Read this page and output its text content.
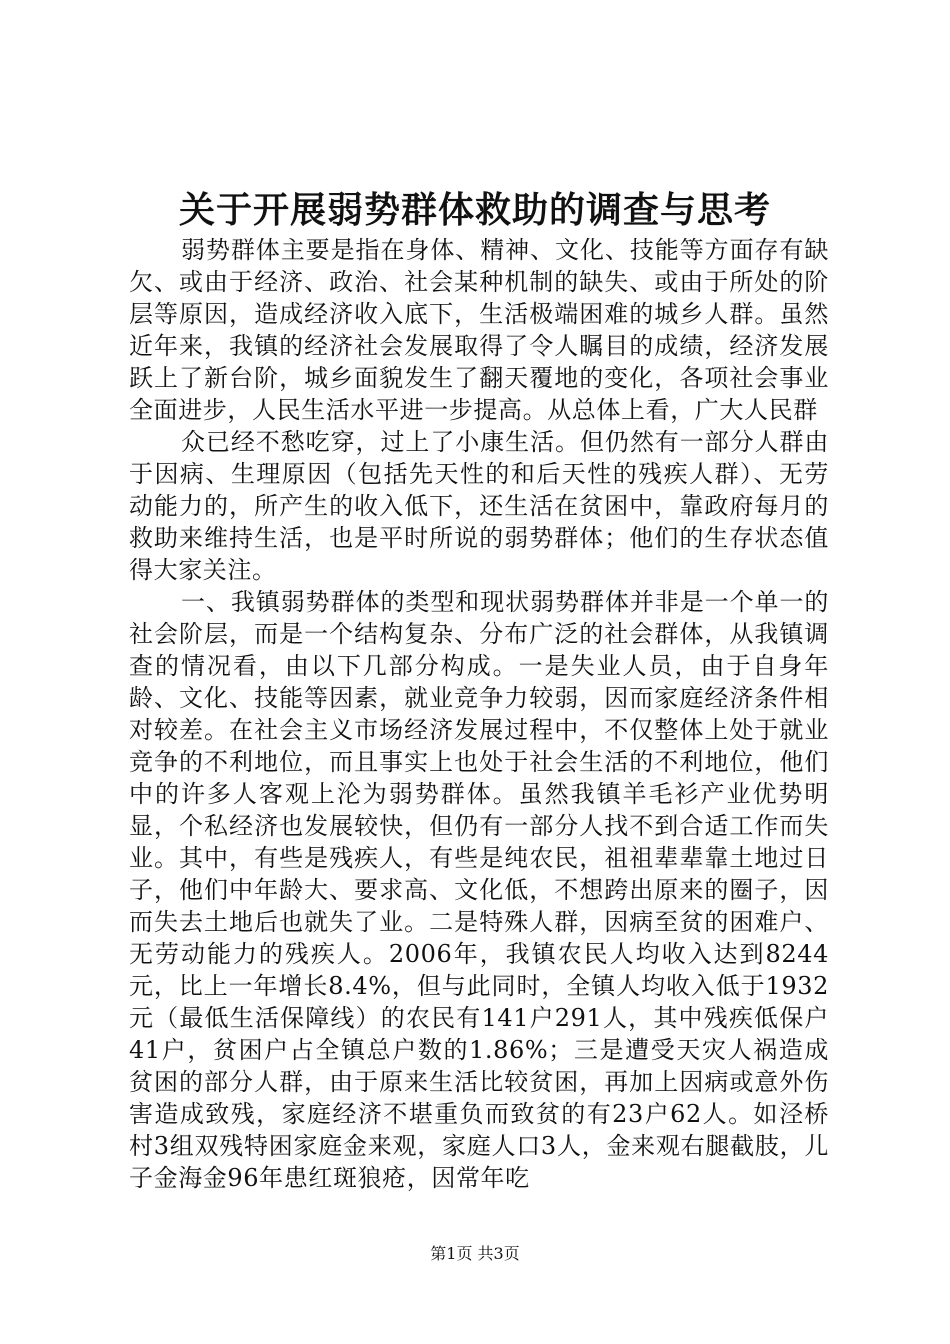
关于开展弱势群体救助的调查与思考

弱势群体主要是指在身体、精神、文化、技能等方面存有缺欠、或由于经济、政治、社会某种机制的缺失、或由于所处的阶层等原因，造成经济收入底下，生活极端困难的城乡人群。虽然近年来，我镇的经济社会发展取得了令人瞩目的成绩，经济发展跃上了新台阶，城乡面貌发生了翻天覆地的变化，各项社会事业全面进步，人民生活水平进一步提高。从总体上看，广大人民群

众已经不愁吃穿，过上了小康生活。但仍然有一部分人群由于因病、生理原因（包括先天性的和后天性的残疾人群）、无劳动能力的，所产生的收入低下，还生活在贫困中，靠政府每月的救助来维持生活，也是平时所说的弱势群体；他们的生存状态值得大家关注。

一、我镇弱势群体的类型和现状弱势群体并非是一个单一的社会阶层，而是一个结构复杂、分布广泛的社会群体，从我镇调查的情况看，由以下几部分构成。一是失业人员，由于自身年龄、文化、技能等因素，就业竞争力较弱，因而家庭经济条件相对较差。在社会主义市场经济发展过程中，不仅整体上处于就业竞争的不利地位，而且事实上也处于社会生活的不利地位，他们中的许多人客观上沦为弱势群体。虽然我镇羊毛衫产业优势明显，个私经济也发展较快，但仍有一部分人找不到合适工作而失业。其中，有些是残疾人，有些是纯农民，祖祖辈辈靠土地过日子，他们中年龄大、要求高、文化低，不想跨出原来的圈子，因而失去土地后也就失了业。二是特殊人群，因病至贫的困难户、无劳动能力的残疾人。2006年，我镇农民人均收入达到8244元，比上一年增长8.4%，但与此同时，全镇人均收入低于1932元（最低生活保障线）的农民有141户291人，其中残疾低保户41户，贫困户占全镇总户数的1.86%；三是遭受天灾人祸造成贫困的部分人群，由于原来生活比较贫困，再加上因病或意外伤害造成致残，家庭经济不堪重负而致贫的有23户62人。如泾桥村3组双残特困家庭金来观，家庭人口3人，金来观右腿截肢，儿子金海金96年患红斑狼疮，因常年吃

第1页 共3页
